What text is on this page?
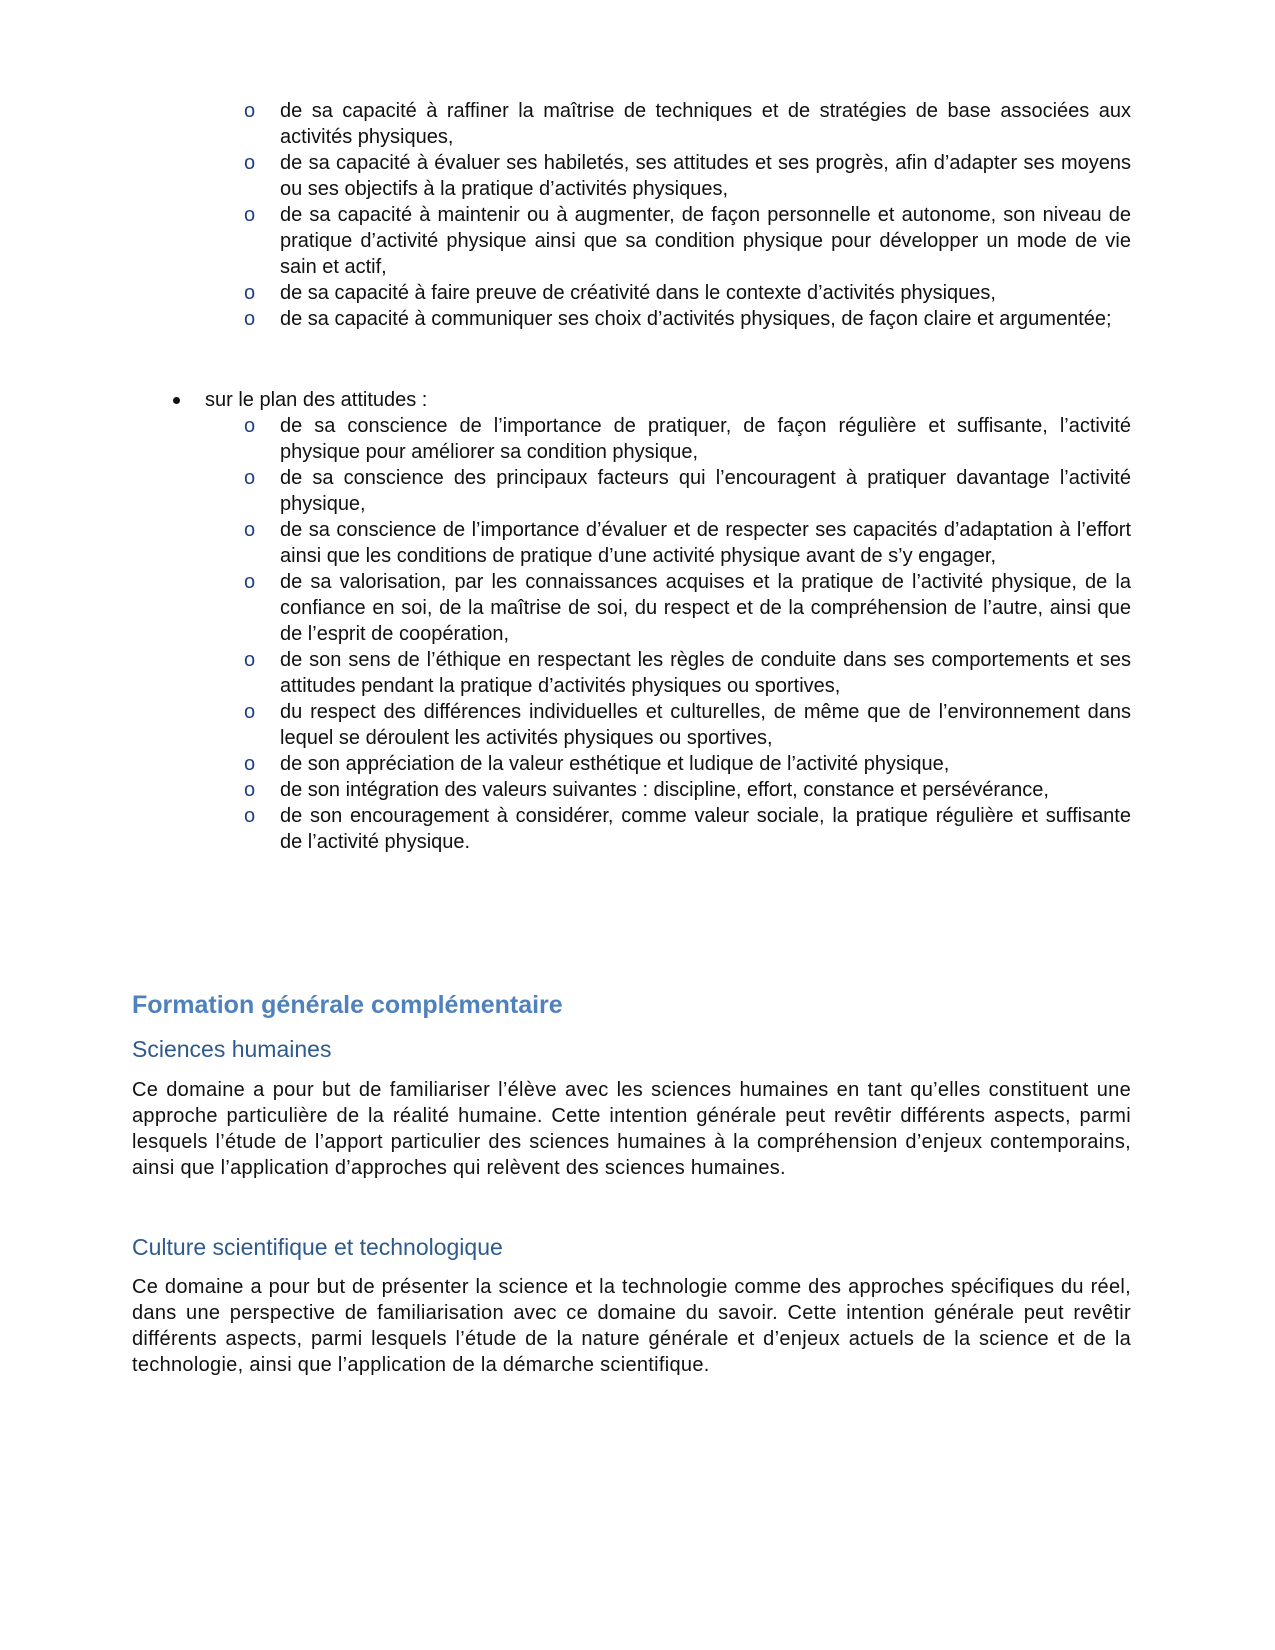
o de sa capacité à raffiner la maîtrise de techniques et de stratégies de base associées aux activités physiques,
o de sa capacité à évaluer ses habiletés, ses attitudes et ses progrès, afin d’adapter ses moyens ou ses objectifs à la pratique d’activités physiques,
o de sa capacité à maintenir ou à augmenter, de façon personnelle et autonome, son niveau de pratique d’activité physique ainsi que sa condition physique pour développer un mode de vie sain et actif,
o de sa capacité à faire preuve de créativité dans le contexte d’activités physiques,
o de sa capacité à communiquer ses choix d’activités physiques, de façon claire et argumentée;
sur le plan des attitudes :
o de sa conscience de l’importance de pratiquer, de façon régulière et suffisante, l’activité physique pour améliorer sa condition physique,
o de sa conscience des principaux facteurs qui l’encouragent à pratiquer davantage l’activité physique,
o de sa conscience de l’importance d’évaluer et de respecter ses capacités d’adaptation à l’effort ainsi que les conditions de pratique d’une activité physique avant de s’y engager,
o de sa valorisation, par les connaissances acquises et la pratique de l’activité physique, de la confiance en soi, de la maîtrise de soi, du respect et de la compréhension de l’autre, ainsi que de l’esprit de coopération,
o de son sens de l’éthique en respectant les règles de conduite dans ses comportements et ses attitudes pendant la pratique d’activités physiques ou sportives,
o du respect des différences individuelles et culturelles, de même que de l’environnement dans lequel se déroulent les activités physiques ou sportives,
o de son appréciation de la valeur esthétique et ludique de l’activité physique,
o de son intégration des valeurs suivantes : discipline, effort, constance et persévérance,
o de son encouragement à considérer, comme valeur sociale, la pratique régulière et suffisante de l’activité physique.
Formation générale complémentaire
Sciences humaines

Ce domaine a pour but de familiariser l’élève avec les sciences humaines en tant qu’elles constituent une approche particulière de la réalité humaine. Cette intention générale peut revêtir différents aspects, parmi lesquels l’étude de l’apport particulier des sciences humaines à la compréhension d’enjeux contemporains, ainsi que l’application d’approches qui relèvent des sciences humaines.

Culture scientifique et technologique

Ce domaine a pour but de présenter la science et la technologie comme des approches spécifiques du réel, dans une perspective de familiarisation avec ce domaine du savoir. Cette intention générale peut revêtir différents aspects, parmi lesquels l’étude de la nature générale et d’enjeux actuels de la science et de la technologie, ainsi que l’application de la démarche scientifique.
